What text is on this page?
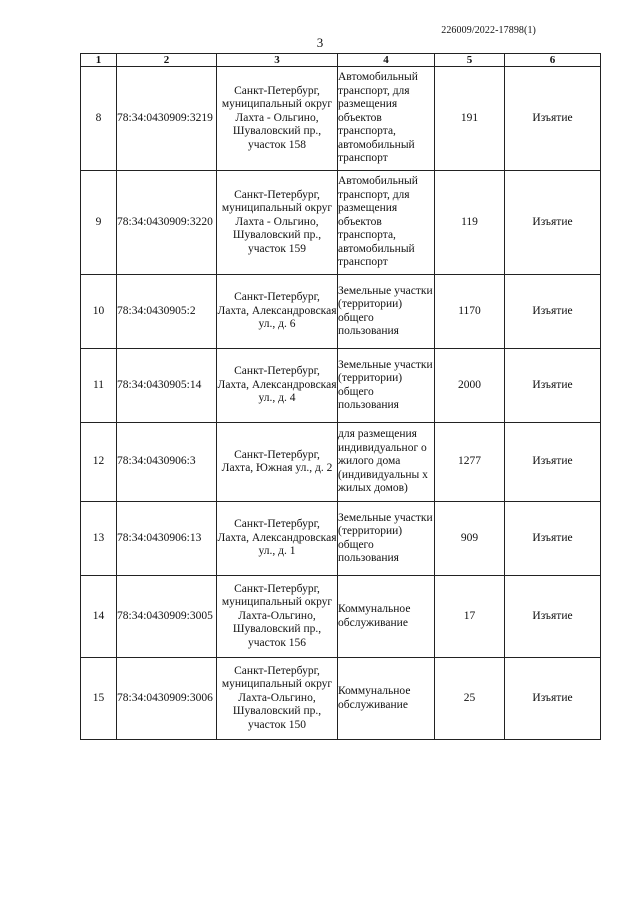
226009/2022-17898(1)
3
1	2	3	4	5	6
8	78:34:0430909:3219	Санкт-Петербург, муниципальный округ Лахта - Ольгино, Шуваловский пр., участок 158	Автомобильный транспорт, для размещения объектов транспорта, автомобильный транспорт	191	Изъятие
9	78:34:0430909:3220	Санкт-Петербург, муниципальный округ Лахта - Ольгино, Шуваловский пр., участок 159	Автомобильный транспорт, для размещения объектов транспорта, автомобильный транспорт	119	Изъятие
10	78:34:0430905:2	Санкт-Петербург, Лахта, Александровская ул., д. 6	Земельные участки (территории) общего пользования	1170	Изъятие
11	78:34:0430905:14	Санкт-Петербург, Лахта, Александровская ул., д. 4	Земельные участки (территории) общего пользования	2000	Изъятие
12	78:34:0430906:3	Санкт-Петербург, Лахта, Южная ул., д. 2	для размещения индивидуальног о жилого дома (индивидуальны х жилых домов)	1277	Изъятие
13	78:34:0430906:13	Санкт-Петербург, Лахта, Александровская ул., д. 1	Земельные участки (территории) общего пользования	909	Изъятие
14	78:34:0430909:3005	Санкт-Петербург, муниципальный округ Лахта-Ольгино, Шуваловский пр., участок 156	Коммунальное обслуживание	17	Изъятие
15	78:34:0430909:3006	Санкт-Петербург, муниципальный округ Лахта-Ольгино, Шуваловский пр., участок 150	Коммунальное обслуживание	25	Изъятие
